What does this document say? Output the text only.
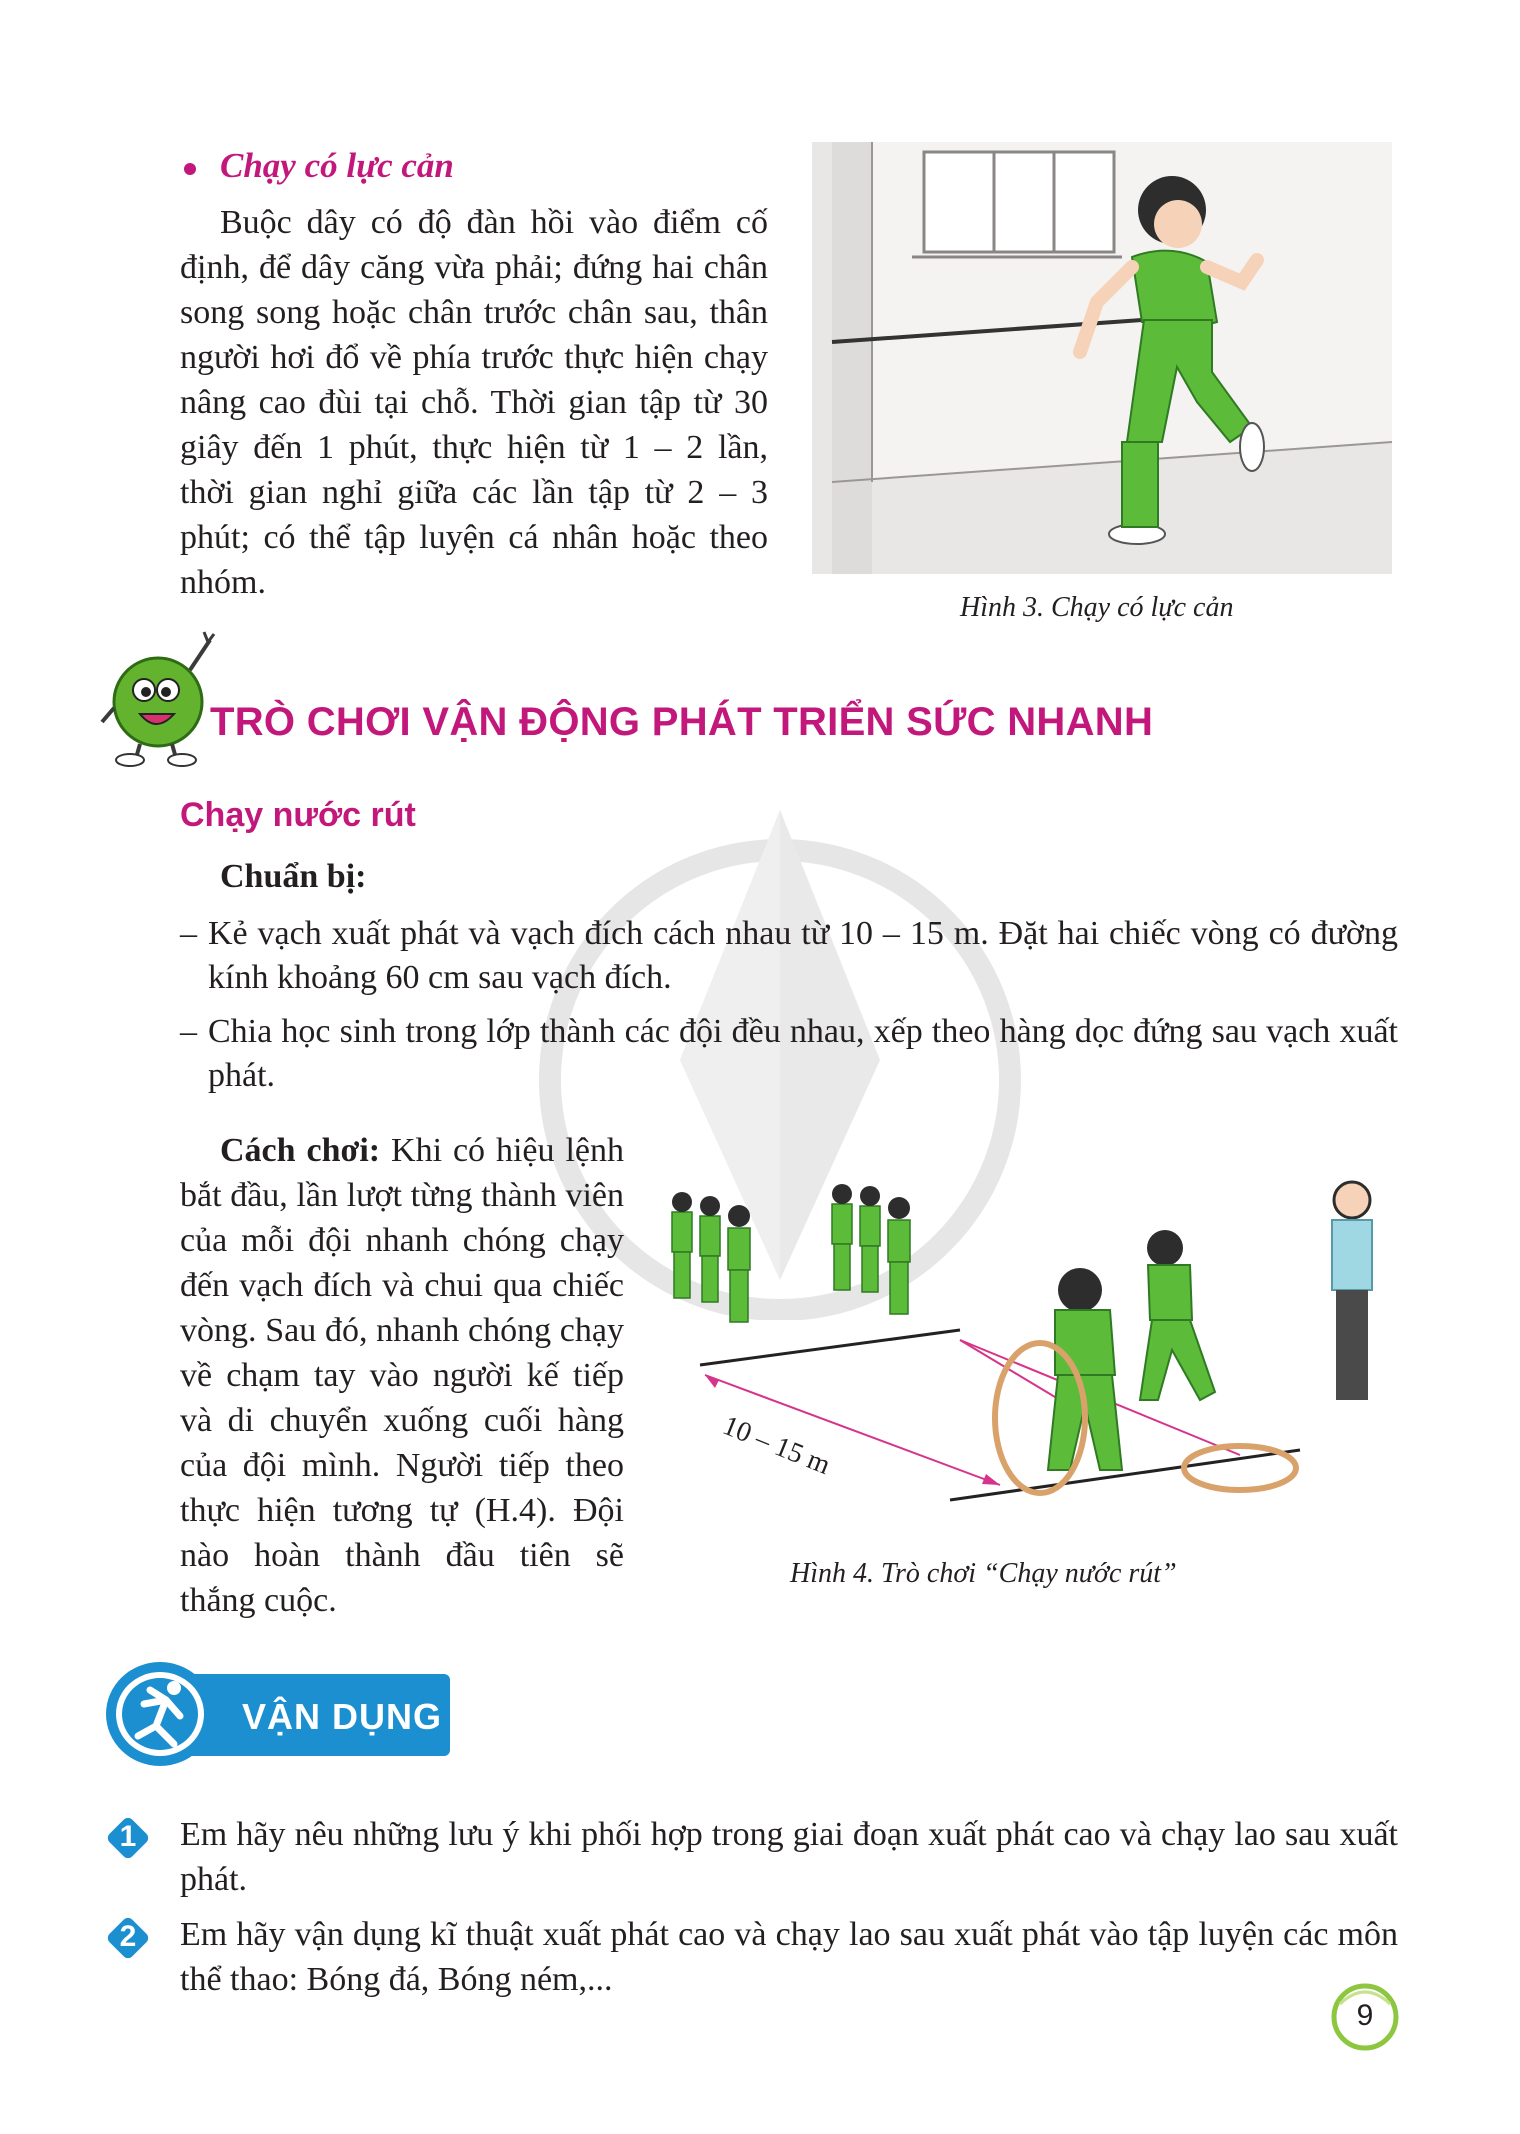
Chạy có lực cản
Buộc dây có độ đàn hồi vào điểm cố định, để dây căng vừa phải; đứng hai chân song song hoặc chân trước chân sau, thân người hơi đổ về phía trước thực hiện chạy nâng cao đùi tại chỗ. Thời gian tập từ 30 giây đến 1 phút, thực hiện từ 1 – 2 lần, thời gian nghỉ giữa các lần tập từ 2 – 3 phút; có thể tập luyện cá nhân hoặc theo nhóm.
Hình 3. Chạy có lực cản
TRÒ CHƠI VẬN ĐỘNG PHÁT TRIỂN SỨC NHANH
Chạy nước rút
Chuẩn bị:
– Kẻ vạch xuất phát và vạch đích cách nhau từ 10 – 15 m. Đặt hai chiếc vòng có đường kính khoảng 60 cm sau vạch đích.
– Chia học sinh trong lớp thành các đội đều nhau, xếp theo hàng dọc đứng sau vạch xuất phát.
Cách chơi: Khi có hiệu lệnh bắt đầu, lần lượt từng thành viên của mỗi đội nhanh chóng chạy đến vạch đích và chui qua chiếc vòng. Sau đó, nhanh chóng chạy về chạm tay vào người kế tiếp và di chuyển xuống cuối hàng của đội mình. Người tiếp theo thực hiện tương tự (H.4). Đội nào hoàn thành đầu tiên sẽ thắng cuộc.
10 – 15 m
Hình 4. Trò chơi “Chạy nước rút”
VẬN DỤNG
1	Em hãy nêu những lưu ý khi phối hợp trong giai đoạn xuất phát cao và chạy lao sau xuất phát.
2	Em hãy vận dụng kĩ thuật xuất phát cao và chạy lao sau xuất phát vào tập luyện các môn thể thao: Bóng đá, Bóng ném,...
9
